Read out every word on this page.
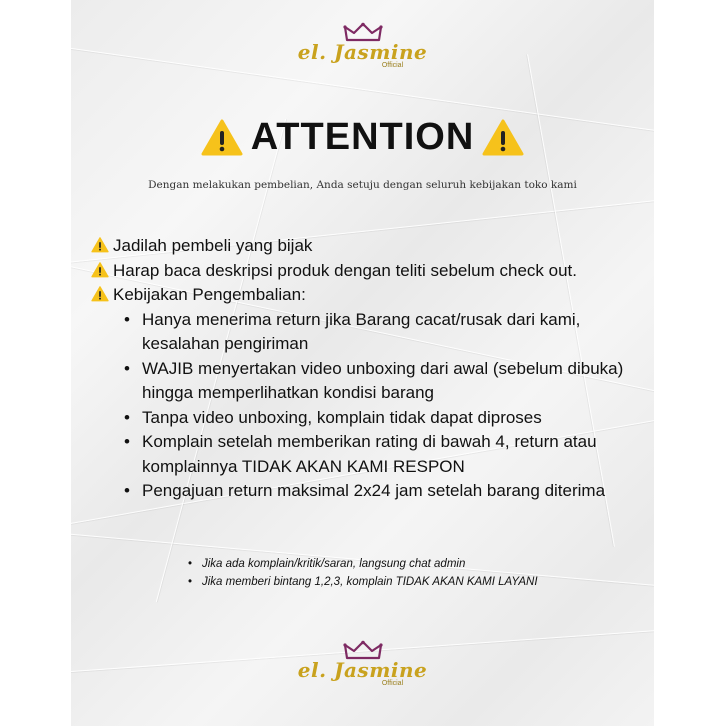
el. Jasmine
Official
ATTENTION
Dengan melakukan pembelian, Anda setuju dengan seluruh kebijakan toko kami
Jadilah pembeli yang bijak
Harap baca deskripsi produk dengan teliti sebelum check out.
Kebijakan Pengembalian:
• Hanya menerima return jika Barang cacat/rusak dari kami,
kesalahan pengiriman
• WAJIB menyertakan video unboxing dari awal (sebelum dibuka)
hingga memperlihatkan kondisi barang
• Tanpa video unboxing, komplain tidak dapat diproses
• Komplain setelah memberikan rating di bawah 4, return atau
komplainnya TIDAK AKAN KAMI RESPON
• Pengajuan return maksimal 2x24 jam setelah barang diterima
• Jika ada komplain/kritik/saran, langsung chat admin
• Jika memberi bintang 1,2,3, komplain TIDAK AKAN KAMI LAYANI
el. Jasmine
Official
